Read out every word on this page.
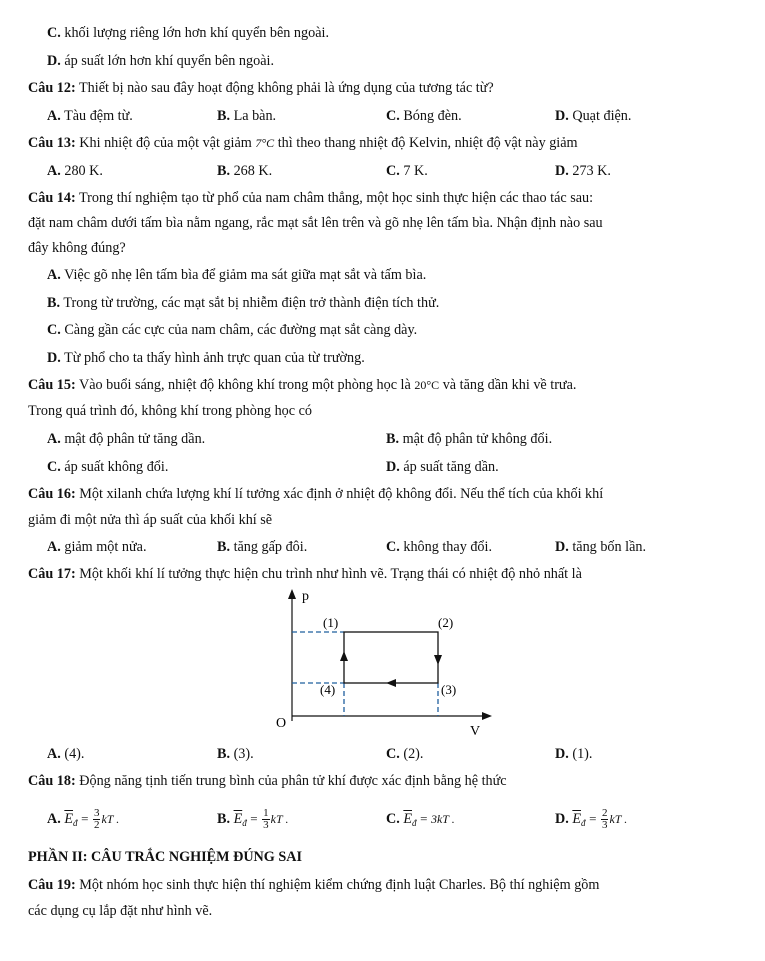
C. khối lượng riêng lớn hơn khí quyển bên ngoài.
D. áp suất lớn hơn khí quyển bên ngoài.
Câu 12: Thiết bị nào sau đây hoạt động không phải là ứng dụng của tương tác từ?
A. Tàu đệm từ.	B. La bàn.	C. Bóng đèn.	D. Quạt điện.
Câu 13: Khi nhiệt độ của một vật giảm 7°C thì theo thang nhiệt độ Kelvin, nhiệt độ vật này giảm
A. 280 K.	B. 268 K.	C. 7 K.	D. 273 K.
Câu 14: Trong thí nghiệm tạo từ phổ của nam châm thẳng, một học sinh thực hiện các thao tác sau:
đặt nam châm dưới tấm bìa nằm ngang, rắc mạt sắt lên trên và gõ nhẹ lên tấm bìa. Nhận định nào sau
đây không đúng?
A. Việc gõ nhẹ lên tấm bìa để giảm ma sát giữa mạt sắt và tấm bìa.
B. Trong từ trường, các mạt sắt bị nhiễm điện trở thành điện tích thử.
C. Càng gần các cực của nam châm, các đường mạt sắt càng dày.
D. Từ phổ cho ta thấy hình ảnh trực quan của từ trường.
Câu 15: Vào buổi sáng, nhiệt độ không khí trong một phòng học là 20°C và tăng dần khi về trưa.
Trong quá trình đó, không khí trong phòng học có
A. mật độ phân tử tăng dần.	B. mật độ phân tử không đổi.
C. áp suất không đổi.	D. áp suất tăng dần.
Câu 16: Một xilanh chứa lượng khí lí tưởng xác định ở nhiệt độ không đổi. Nếu thể tích của khối khí
giảm đi một nửa thì áp suất của khối khí sẽ
A. giảm một nửa.	B. tăng gấp đôi.	C. không thay đổi.	D. tăng bốn lần.
Câu 17: Một khối khí lí tưởng thực hiện chu trình như hình vẽ. Trạng thái có nhiệt độ nhỏ nhất là
p
V
O
(1)	(2)
(3)
(4)
A. (4).	B. (3).	C. (2).	D. (1).
Câu 18: Động năng tịnh tiến trung bình của phân tử khí được xác định bằng hệ thức
A. $\overline{E}_đ = \frac{3}{2}$ kT .	B. $\overline{E}_đ = \frac{1}{3}$ kT .	C. $\overline{E}_đ = 3kT$ .	D. $\overline{E}_đ = \frac{2}{3}$ kT .
PHẦN II: CÂU TRẮC NGHIỆM ĐÚNG SAI
Câu 19: Một nhóm học sinh thực hiện thí nghiệm kiểm chứng định luật Charles. Bộ thí nghiệm gồm
các dụng cụ lắp đặt như hình vẽ.
